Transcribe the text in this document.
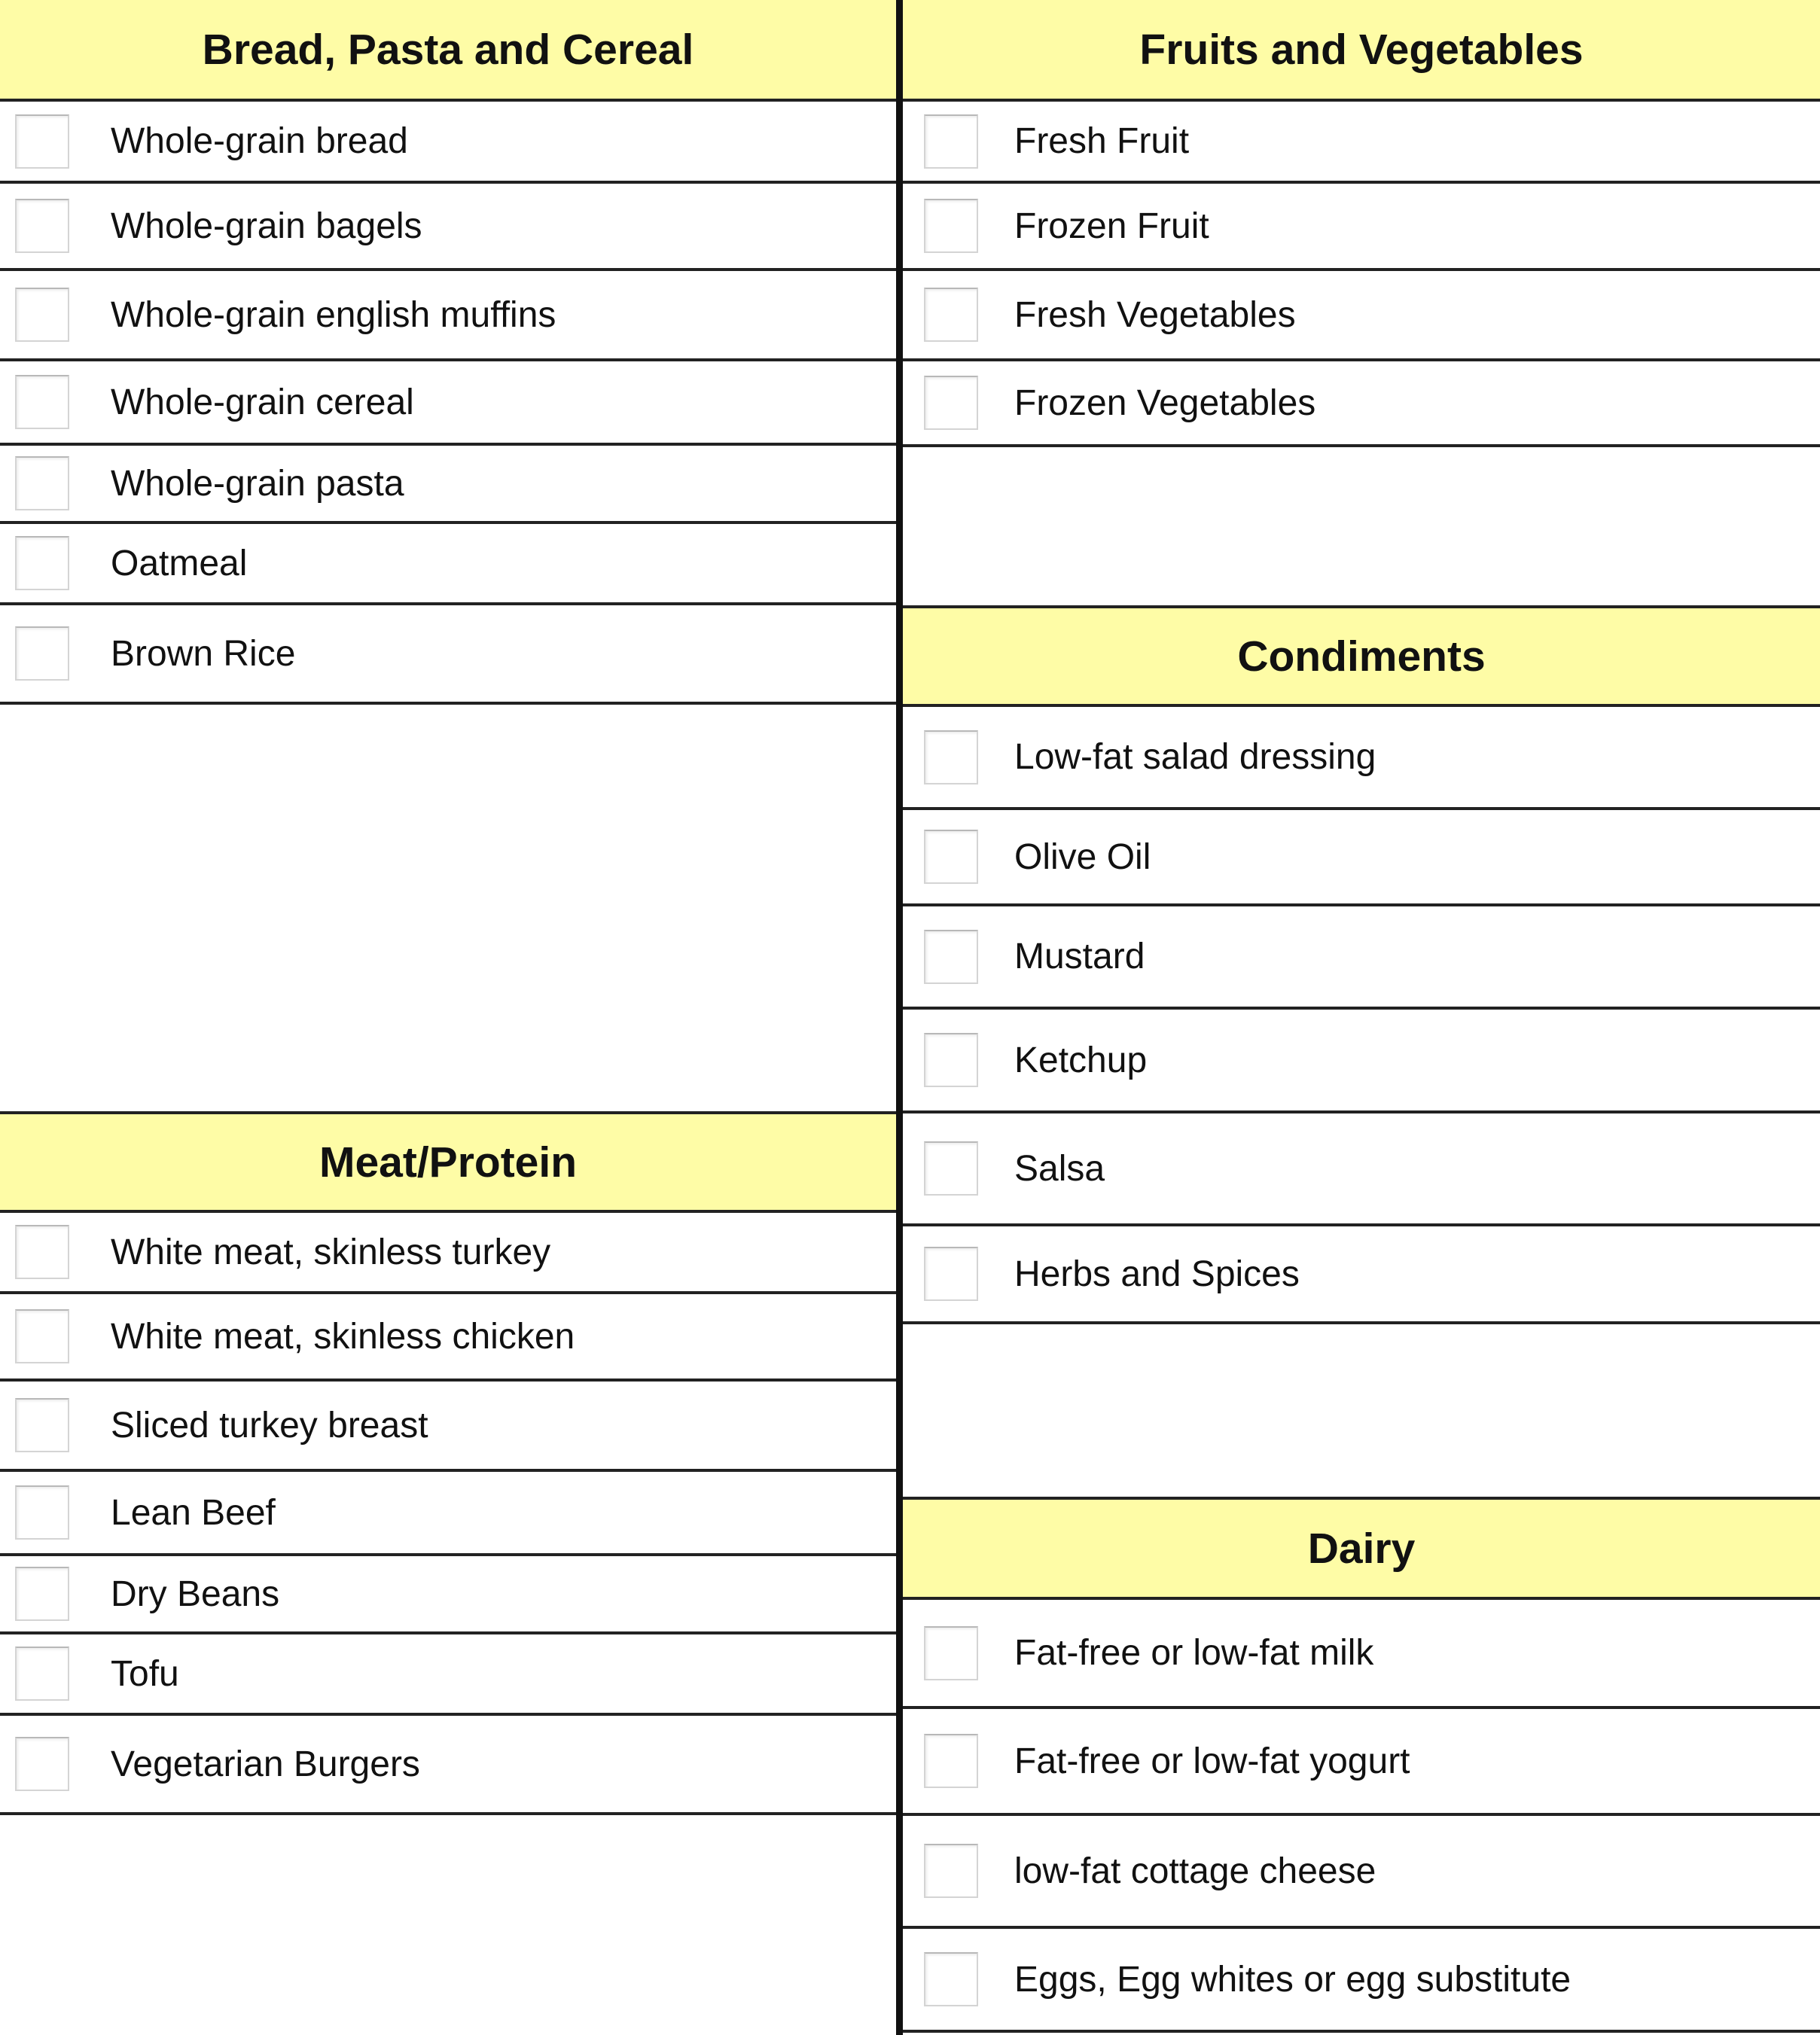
Bread, Pasta and Cereal
Whole-grain bread
Whole-grain bagels
Whole-grain english muffins
Whole-grain cereal
Whole-grain pasta
Oatmeal
Brown Rice
Meat/Protein
White meat, skinless turkey
White meat, skinless chicken
Sliced turkey breast
Lean Beef
Dry Beans
Tofu
Vegetarian Burgers
Fruits and Vegetables
Fresh Fruit
Frozen Fruit
Fresh Vegetables
Frozen Vegetables
Condiments
Low-fat salad dressing
Olive Oil
Mustard
Ketchup
Salsa
Herbs and Spices
Dairy
Fat-free or low-fat milk
Fat-free or low-fat yogurt
low-fat cottage cheese
Eggs, Egg whites or egg substitute
